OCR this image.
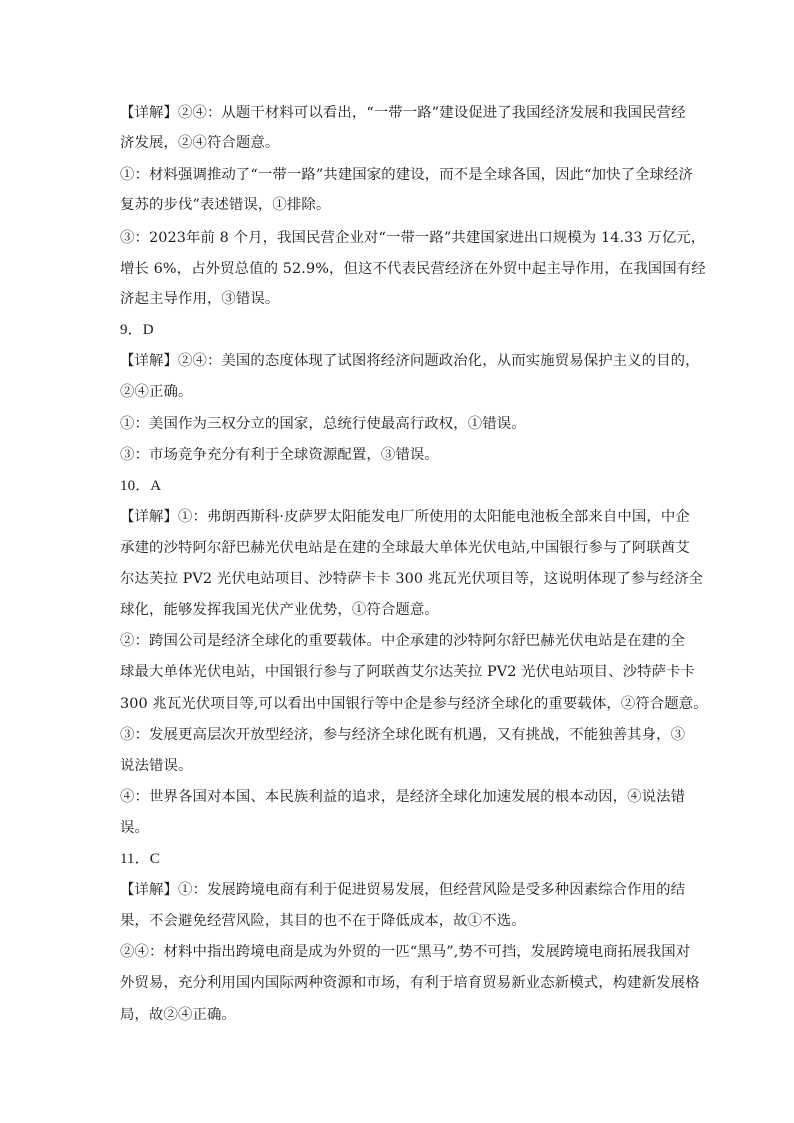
【详解】②④：从题干材料可以看出，“一带一路”建设促进了我国经济发展和我国民营经
济发展，②④符合题意。
①：材料强调推动了“一带一路”共建国家的建设，而不是全球各国，因此“加快了全球经济
复苏的步伐”表述错误，①排除。
③：2023年前 8 个月，我国民营企业对“一带一路”共建国家进出口规模为 14.33 万亿元，
增长 6%，占外贸总值的 52.9%，但这不代表民营经济在外贸中起主导作用，在我国国有经
济起主导作用，③错误。
9．D
【详解】②④：美国的态度体现了试图将经济问题政治化，从而实施贸易保护主义的目的，
②④正确。
①：美国作为三权分立的国家，总统行使最高行政权，①错误。
③：市场竞争充分有利于全球资源配置，③错误。
10．A
【详解】①：弗朗西斯科·皮萨罗太阳能发电厂所使用的太阳能电池板全部来自中国，中企
承建的沙特阿尔舒巴赫光伏电站是在建的全球最大单体光伏电站,中国银行参与了阿联酋艾
尔达芙拉 PV2 光伏电站项目、沙特萨卡卡 300 兆瓦光伏项目等，这说明体现了参与经济全
球化，能够发挥我国光伏产业优势，①符合题意。
②：跨国公司是经济全球化的重要载体。中企承建的沙特阿尔舒巴赫光伏电站是在建的全
球最大单体光伏电站，中国银行参与了阿联酋艾尔达芙拉 PV2 光伏电站项目、沙特萨卡卡
300 兆瓦光伏项目等,可以看出中国银行等中企是参与经济全球化的重要载体，②符合题意。
③：发展更高层次开放型经济，参与经济全球化既有机遇，又有挑战，不能独善其身，③
说法错误。
④：世界各国对本国、本民族利益的追求，是经济全球化加速发展的根本动因，④说法错
误。
11．C
【详解】①：发展跨境电商有利于促进贸易发展，但经营风险是受多种因素综合作用的结
果，不会避免经营风险，其目的也不在于降低成本，故①不选。
②④：材料中指出跨境电商是成为外贸的一匹“黑马”,势不可挡，发展跨境电商拓展我国对
外贸易，充分利用国内国际两种资源和市场，有利于培育贸易新业态新模式，构建新发展格
局，故②④正确。
